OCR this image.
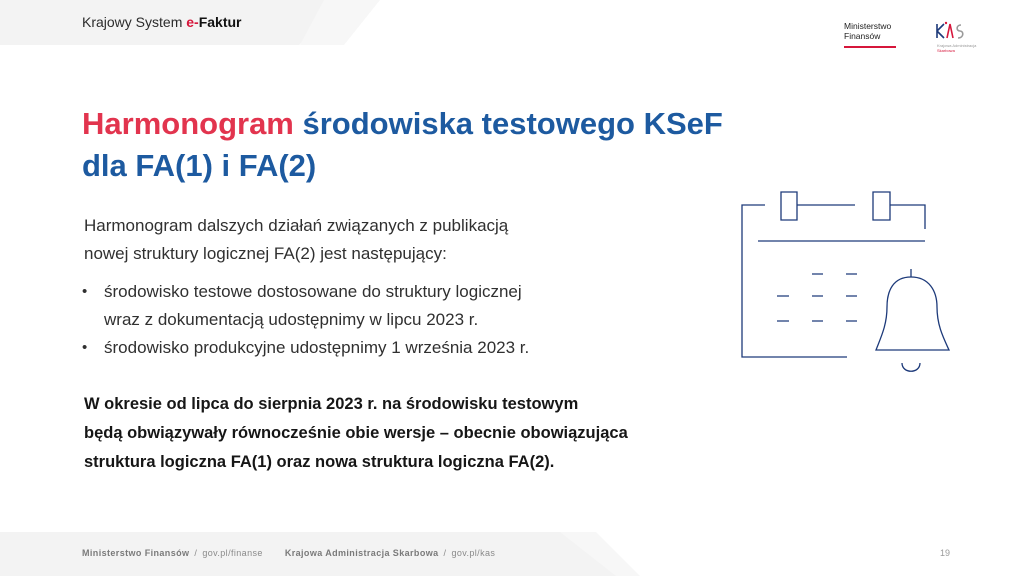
Krajowy System e-Faktur	Ministerstwo
Finansów
Krajowa Administracja
Skarbowa
Harmonogram środowiska testowego KSeF
dla FA(1) i FA(2)
Harmonogram dalszych działań związanych z publikacją
nowej struktury logicznej FA(2) jest następujący:
• środowisko testowe dostosowane do struktury logicznej
wraz z dokumentacją udostępnimy w lipcu 2023 r.
• środowisko produkcyjne udostępnimy 1 września 2023 r.
W okresie od lipca do sierpnia 2023 r. na środowisku testowym
będą obwiązywały równocześnie obie wersje – obecnie obowiązująca
struktura logiczna FA(1) oraz nowa struktura logiczna FA(2).
Ministerstwo Finansów / gov.pl/finanse Krajowa Administracja Skarbowa / gov.pl/kas	19
